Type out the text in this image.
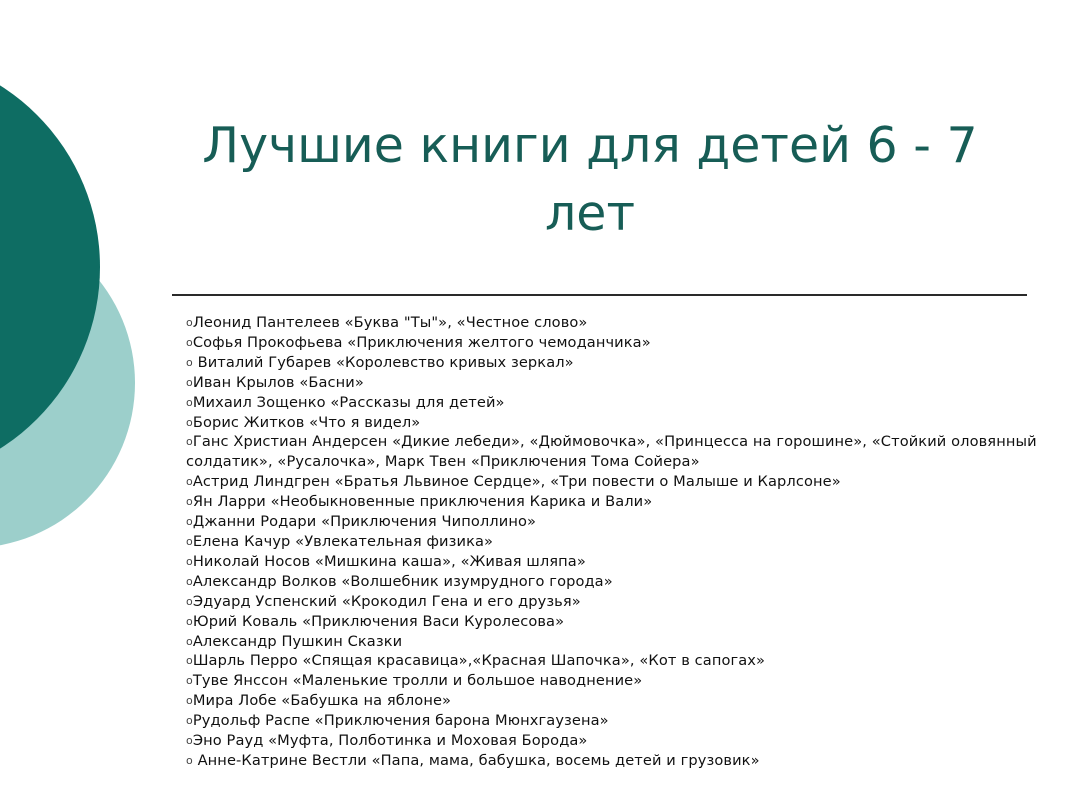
Лучшие книги для детей 6 - 7 лет
oЛеонид Пантелеев «Буква "Ты"», «Честное слово»
oСофья Прокофьева «Приключения желтого чемоданчика»
o Виталий Губарев «Королевство кривых зеркал»
oИван Крылов «Басни»
oМихаил Зощенко «Рассказы для детей»
oБорис Житков «Что я видел»
oГанс Христиан Андерсен «Дикие лебеди», «Дюймовочка», «Принцесса на горошине», «Стойкий оловянный солдатик», «Русалочка», Марк Твен «Приключения Тома Сойера»
oАстрид Линдгрен «Братья Львиное Сердце», «Три повести о Малыше и Карлсоне»
oЯн Ларри «Необыкновенные приключения Карика и Вали»
oДжанни Родари «Приключения Чиполлино»
oЕлена Качур «Увлекательная физика»
oНиколай Носов «Мишкина каша», «Живая шляпа»
oАлександр Волков «Волшебник изумрудного города»
oЭдуард Успенский «Крокодил Гена и его друзья»
oЮрий Коваль «Приключения Васи Куролесова»
oАлександр Пушкин Сказки
oШарль Перро «Спящая красавица»,«Красная Шапочка», «Кот в сапогах»
oТуве Янссон «Маленькие тролли и большое наводнение»
oМира Лобе «Бабушка на яблоне»
oРудольф Распе «Приключения барона Мюнхгаузена»
oЭно Рауд «Муфта, Полботинка и Моховая Борода»
o Анне-Катрине Вестли «Папа, мама, бабушка, восемь детей и грузовик»
